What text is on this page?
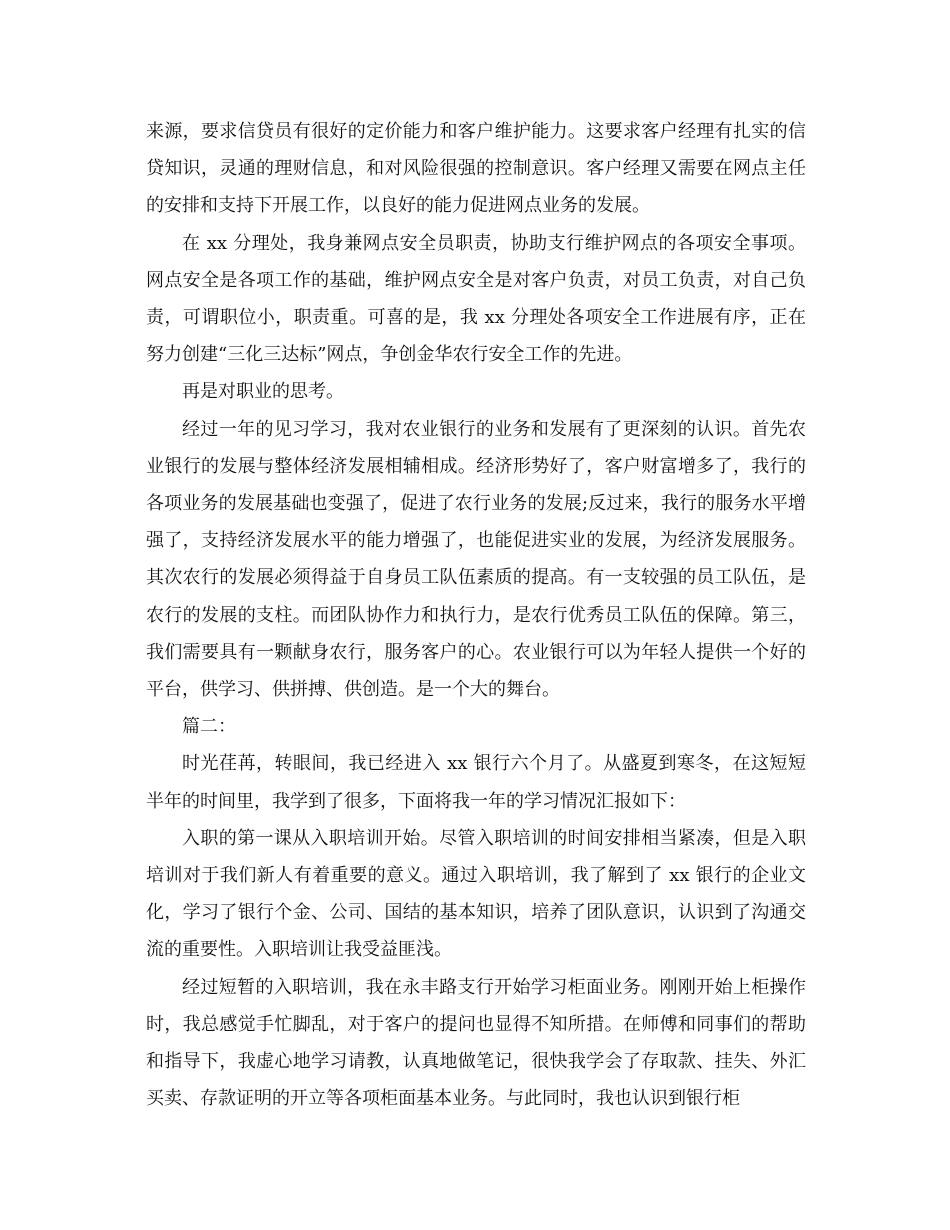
来源，要求信贷员有很好的定价能力和客户维护能力。这要求客户经理有扎实的信贷知识，灵通的理财信息，和对风险很强的控制意识。客户经理又需要在网点主任的安排和支持下开展工作，以良好的能力促进网点业务的发展。

在 xx 分理处，我身兼网点安全员职责，协助支行维护网点的各项安全事项。网点安全是各项工作的基础，维护网点安全是对客户负责，对员工负责，对自己负责，可谓职位小，职责重。可喜的是，我 xx 分理处各项安全工作进展有序，正在努力创建“三化三达标”网点，争创金华农行安全工作的先进。

再是对职业的思考。

经过一年的见习学习，我对农业银行的业务和发展有了更深刻的认识。首先农业银行的发展与整体经济发展相辅相成。经济形势好了，客户财富增多了，我行的各项业务的发展基础也变强了，促进了农行业务的发展;反过来，我行的服务水平增强了，支持经济发展水平的能力增强了，也能促进实业的发展，为经济发展服务。其次农行的发展必须得益于自身员工队伍素质的提高。有一支较强的员工队伍，是农行的发展的支柱。而团队协作力和执行力，是农行优秀员工队伍的保障。第三，我们需要具有一颗献身农行，服务客户的心。农业银行可以为年轻人提供一个好的平台，供学习、供拼搏、供创造。是一个大的舞台。

篇二：

时光荏苒，转眼间，我已经进入 xx 银行六个月了。从盛夏到寒冬，在这短短半年的时间里，我学到了很多，下面将我一年的学习情况汇报如下：

入职的第一课从入职培训开始。尽管入职培训的时间安排相当紧凑，但是入职培训对于我们新人有着重要的意义。通过入职培训，我了解到了 xx 银行的企业文化，学习了银行个金、公司、国结的基本知识，培养了团队意识，认识到了沟通交流的重要性。入职培训让我受益匪浅。

经过短暂的入职培训，我在永丰路支行开始学习柜面业务。刚刚开始上柜操作时，我总感觉手忙脚乱，对于客户的提问也显得不知所措。在师傅和同事们的帮助和指导下，我虚心地学习请教，认真地做笔记，很快我学会了存取款、挂失、外汇买卖、存款证明的开立等各项柜面基本业务。与此同时，我也认识到银行柜
